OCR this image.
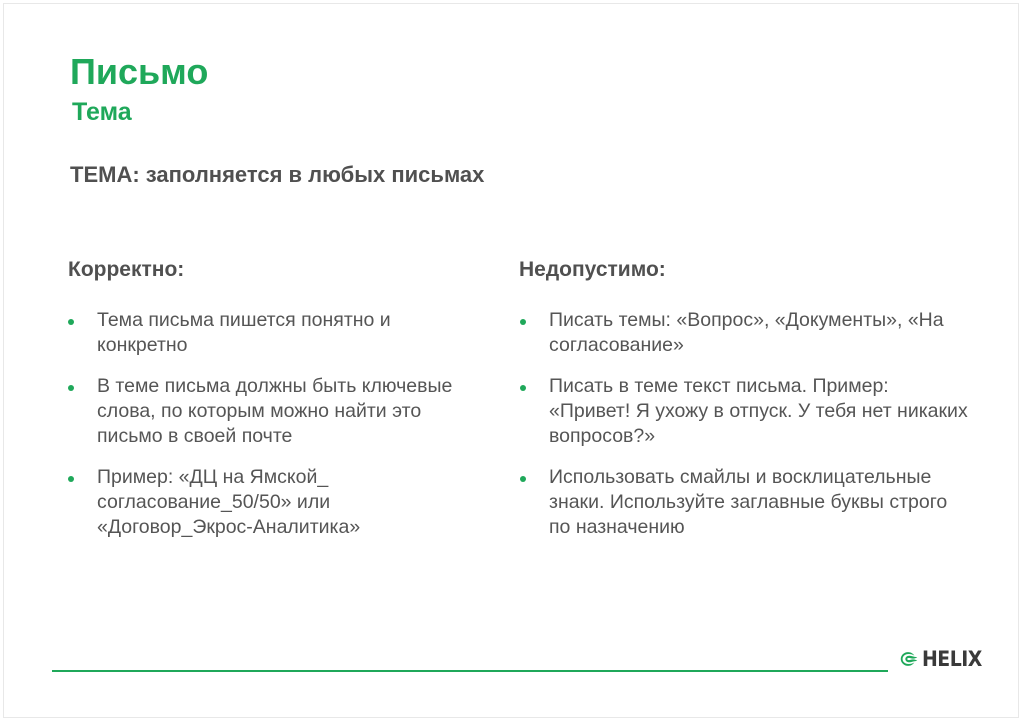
Письмо
Тема
ТЕМА: заполняется в любых письмах
Корректно:	Недопустимо:
Тема письма пишется понятно и конкретно
В теме письма должны быть ключевые слова, по которым можно найти это письмо в своей почте
Пример: «ДЦ на Ямской_ согласование_50/50» или «Договор_Экрос-Аналитика»
Писать темы: «Вопрос», «Документы», «На согласование»
Писать в теме текст письма. Пример: «Привет! Я ухожу в отпуск. У тебя нет никаких вопросов?»
Использовать смайлы и восклицательные знаки. Используйте заглавные буквы строго по назначению
HELIX
